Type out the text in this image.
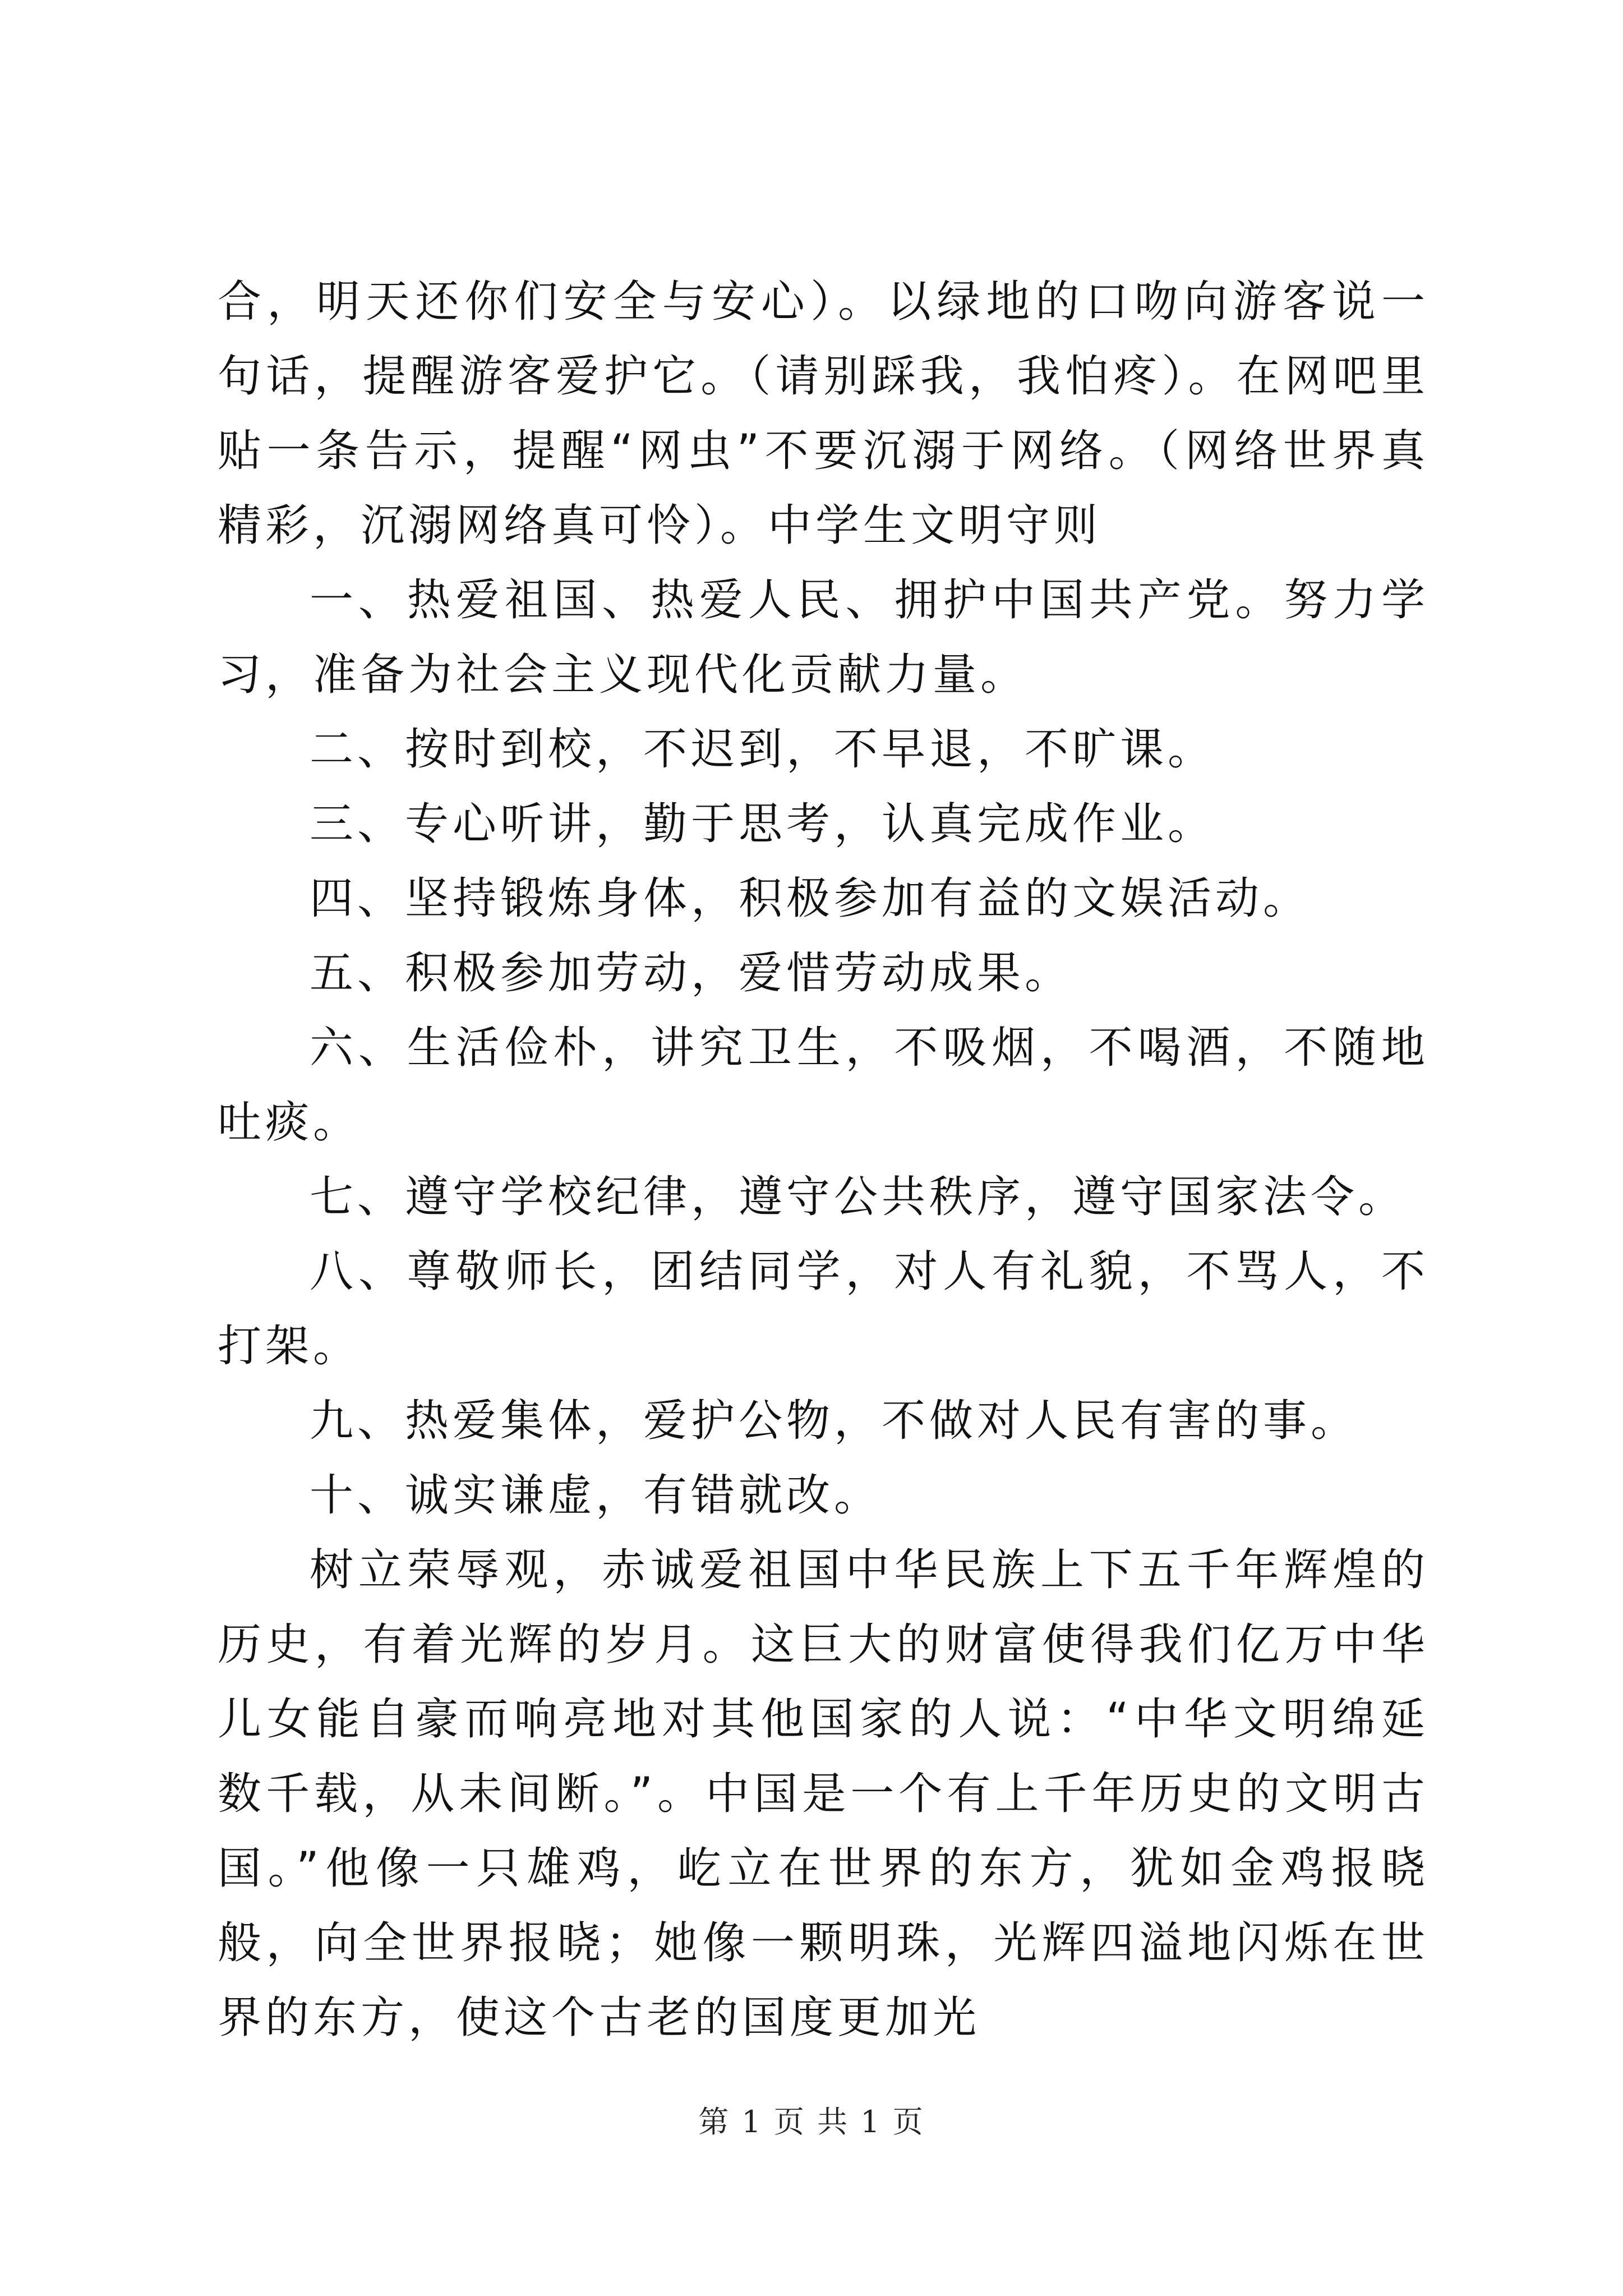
合，明天还你们安全与安心）。以绿地的口吻向游客说一句话，提醒游客爱护它。（请别踩我，我怕疼）。在网吧里贴一条告示，提醒“网虫”不要沉溺于网络。（网络世界真精彩，沉溺网络真可怜）。中学生文明守则

一、热爱祖国、热爱人民、拥护中国共产党。努力学习，准备为社会主义现代化贡献力量。

二、按时到校，不迟到，不早退，不旷课。

三、专心听讲，勤于思考，认真完成作业。

四、坚持锻炼身体，积极参加有益的文娱活动。

五、积极参加劳动，爱惜劳动成果。

六、生活俭朴，讲究卫生，不吸烟，不喝酒，不随地吐痰。

七、遵守学校纪律，遵守公共秩序，遵守国家法令。

八、尊敬师长，团结同学，对人有礼貌，不骂人，不打架。

九、热爱集体，爱护公物，不做对人民有害的事。

十、诚实谦虚，有错就改。

树立荣辱观，赤诚爱祖国中华民族上下五千年辉煌的历史，有着光辉的岁月。这巨大的财富使得我们亿万中华儿女能自豪而响亮地对其他国家的人说：“中华文明绵延数千载，从未间断。”。中国是一个有上千年历史的文明古国。”他像一只雄鸡，屹立在世界的东方，犹如金鸡报晓般，向全世界报晓；她像一颗明珠，光辉四溢地闪烁在世界的东方，使这个古老的国度更加光

第 1 页 共 1 页
